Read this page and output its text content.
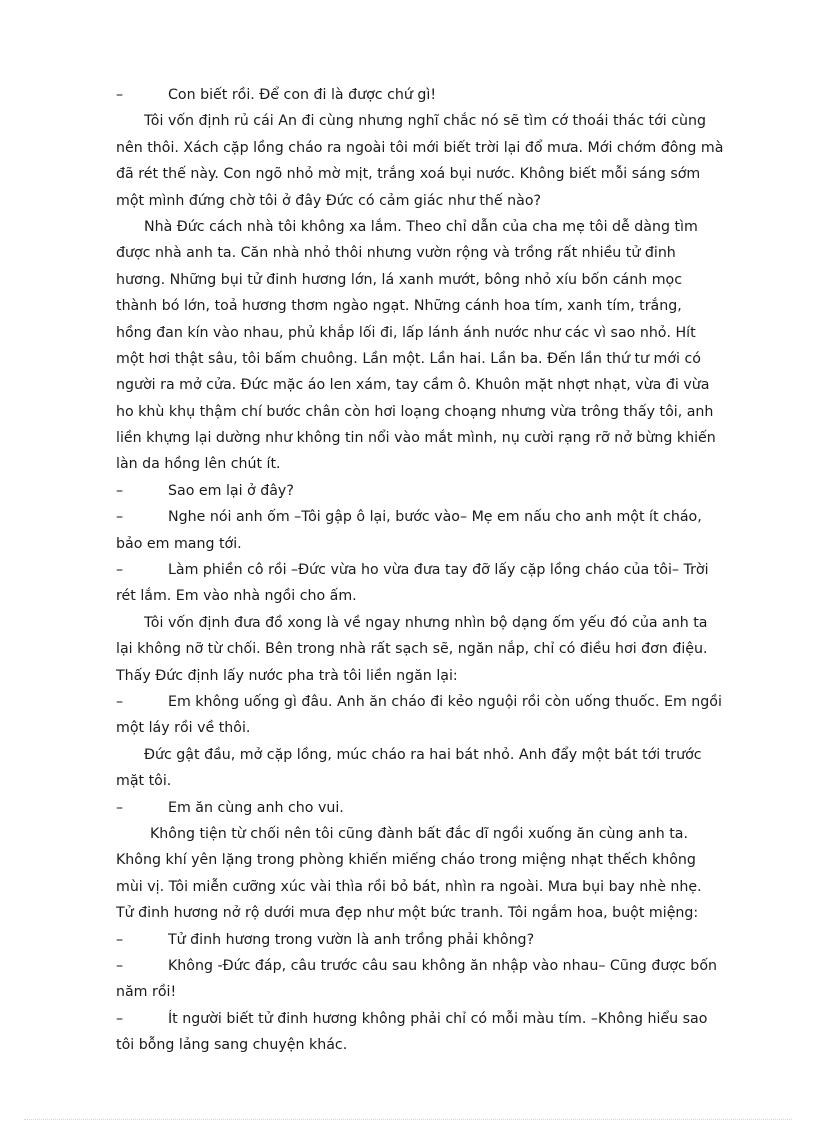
–	Con biết rồi. Để con đi là được chứ gì!
Tôi vốn định rủ cái An đi cùng nhưng nghĩ chắc nó sẽ tìm cớ thoái thác tới cùng
nên thôi. Xách cặp lồng cháo ra ngoài tôi mới biết trời lại đổ mưa. Mới chớm đông mà
đã rét thế này. Con ngõ nhỏ mờ mịt, trắng xoá bụi nước. Không biết mỗi sáng sớm
một mình đứng chờ tôi ở đây Đức có cảm giác như thế nào?
Nhà Đức cách nhà tôi không xa lắm. Theo chỉ dẫn của cha mẹ tôi dễ dàng tìm
được nhà anh ta. Căn nhà nhỏ thôi nhưng vườn rộng và trồng rất nhiều tử đinh
hương. Những bụi tử đinh hương lớn, lá xanh mướt, bông nhỏ xíu bốn cánh mọc
thành bó lớn, toả hương thơm ngào ngạt. Những cánh hoa tím, xanh tím, trắng,
hồng đan kín vào nhau, phủ khắp lối đi, lấp lánh ánh nước như các vì sao nhỏ. Hít
một hơi thật sâu, tôi bấm chuông. Lần một. Lần hai. Lần ba. Đến lần thứ tư mới có
người ra mở cửa. Đức mặc áo len xám, tay cầm ô. Khuôn mặt nhợt nhạt, vừa đi vừa
ho khù khụ thậm chí bước chân còn hơi loạng choạng nhưng vừa trông thấy tôi, anh
liền khựng lại dường như không tin nổi vào mắt mình, nụ cười rạng rỡ nở bừng khiến
làn da hồng lên chút ít.
–	Sao em lại ở đây?
–	Nghe nói anh ốm –Tôi gập ô lại, bước vào– Mẹ em nấu cho anh một ít cháo,
bảo em mang tới.
–	Làm phiền cô rồi –Đức vừa ho vừa đưa tay đỡ lấy cặp lồng cháo của tôi– Trời
rét lắm. Em vào nhà ngồi cho ấm.
Tôi vốn định đưa đồ xong là về ngay nhưng nhìn bộ dạng ốm yếu đó của anh ta
lại không nỡ từ chối. Bên trong nhà rất sạch sẽ, ngăn nắp, chỉ có điều hơi đơn điệu.
Thấy Đức định lấy nước pha trà tôi liền ngăn lại:
–	Em không uống gì đâu. Anh ăn cháo đi kẻo nguội rồi còn uống thuốc. Em ngồi
một láy rồi về thôi.
Đức gật đầu, mở cặp lồng, múc cháo ra hai bát nhỏ. Anh đẩy một bát tới trước
mặt tôi.
–	Em ăn cùng anh cho vui.
Không tiện từ chối nên tôi cũng đành bất đắc dĩ ngồi xuống ăn cùng anh ta.
Không khí yên lặng trong phòng khiến miếng cháo trong miệng nhạt thếch không
mùi vị. Tôi miễn cưỡng xúc vài thìa rồi bỏ bát, nhìn ra ngoài. Mưa bụi bay nhè nhẹ.
Tử đinh hương nở rộ dưới mưa đẹp như một bức tranh. Tôi ngắm hoa, buột miệng:
–	Tử đinh hương trong vườn là anh trồng phải không?
–	Không -Đức đáp, câu trước câu sau không ăn nhập vào nhau– Cũng được bốn
năm rồi!
–	Ít người biết tử đinh hương không phải chỉ có mỗi màu tím. –Không hiểu sao
tôi bỗng lảng sang chuyện khác.
